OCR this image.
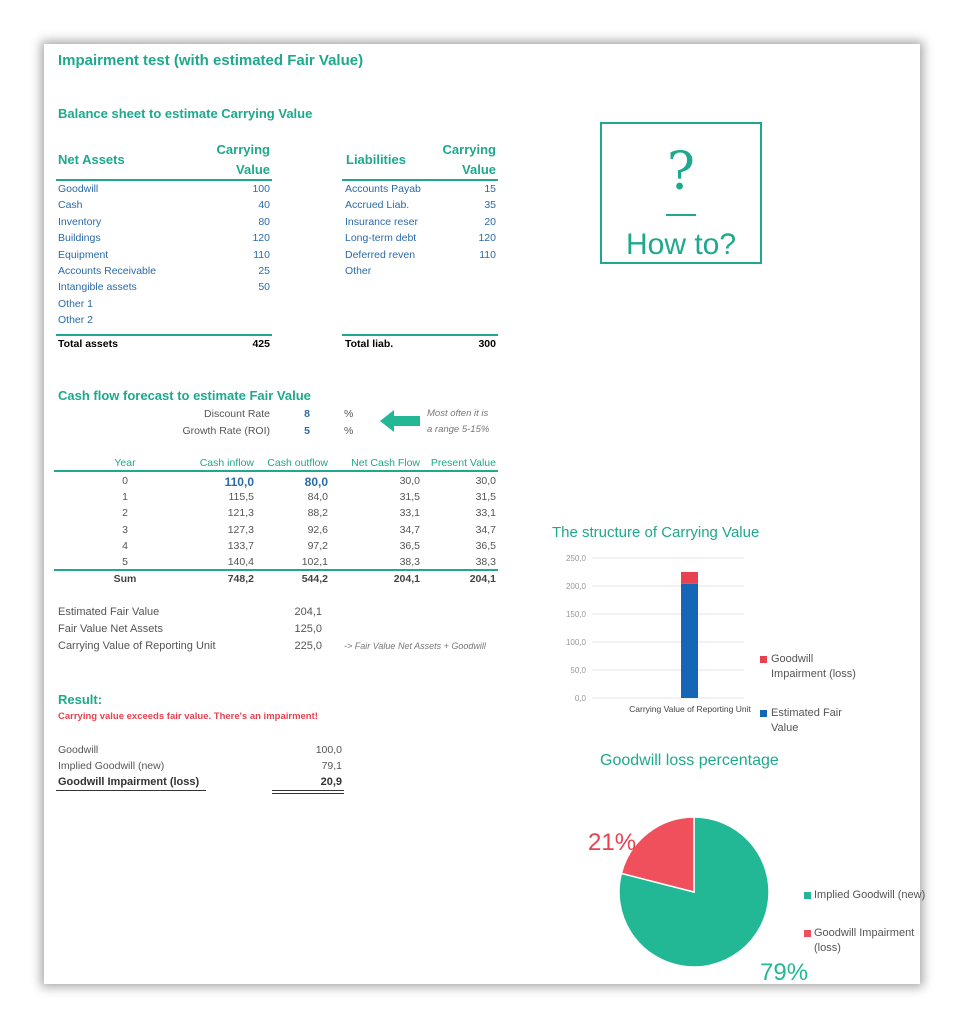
Impairment test (with estimated Fair Value)
Balance sheet to estimate Carrying Value
Net Assets
Carrying
Value
Goodwill	100
Cash	40
Inventory	80
Buildings	120
Equipment	110
Accounts Receivable	25
Intangible assets	50
Other 1
Other 2
Liabilities
Carrying
Value
Accounts Payab	15
Accrued Liab.	35
Insurance reser	20
Long-term debt	120
Deferred reven	110
Other
Total assets	425	Total liab.	300
?
How to?
Cash flow forecast to estimate Fair Value
Discount Rate	8	%
Growth Rate (ROI)	5	%
Most often it is
a range 5-15%
Year	Cash inflow	Cash outflow	Net Cash Flow	Present Value
0	110,0	80,0	30,0	30,0
1	115,5	84,0	31,5	31,5
2	121,3	88,2	33,1	33,1
3	127,3	92,6	34,7	34,7
4	133,7	97,2	36,5	36,5
5	140,4	102,1	38,3	38,3
Sum	748,2	544,2	204,1	204,1
Estimated Fair Value	204,1
Fair Value Net Assets	125,0
Carrying Value of Reporting Unit	225,0 -> Fair Value Net Assets + Goodwill
Result:
Carrying value exceeds fair value. There's an impairment!
Goodwill	100,0
Implied Goodwill (new)	79,1
Goodwill Impairment (loss)	20,9
The structure of Carrying Value
0,0
50,0
100,0
150,0
200,0
250,0
Carrying Value of Reporting Unit
Goodwill
Impairment (loss)
Estimated Fair
Value
Goodwill loss percentage
79%
21%
Implied Goodwill (new)
Goodwill Impairment
(loss)
